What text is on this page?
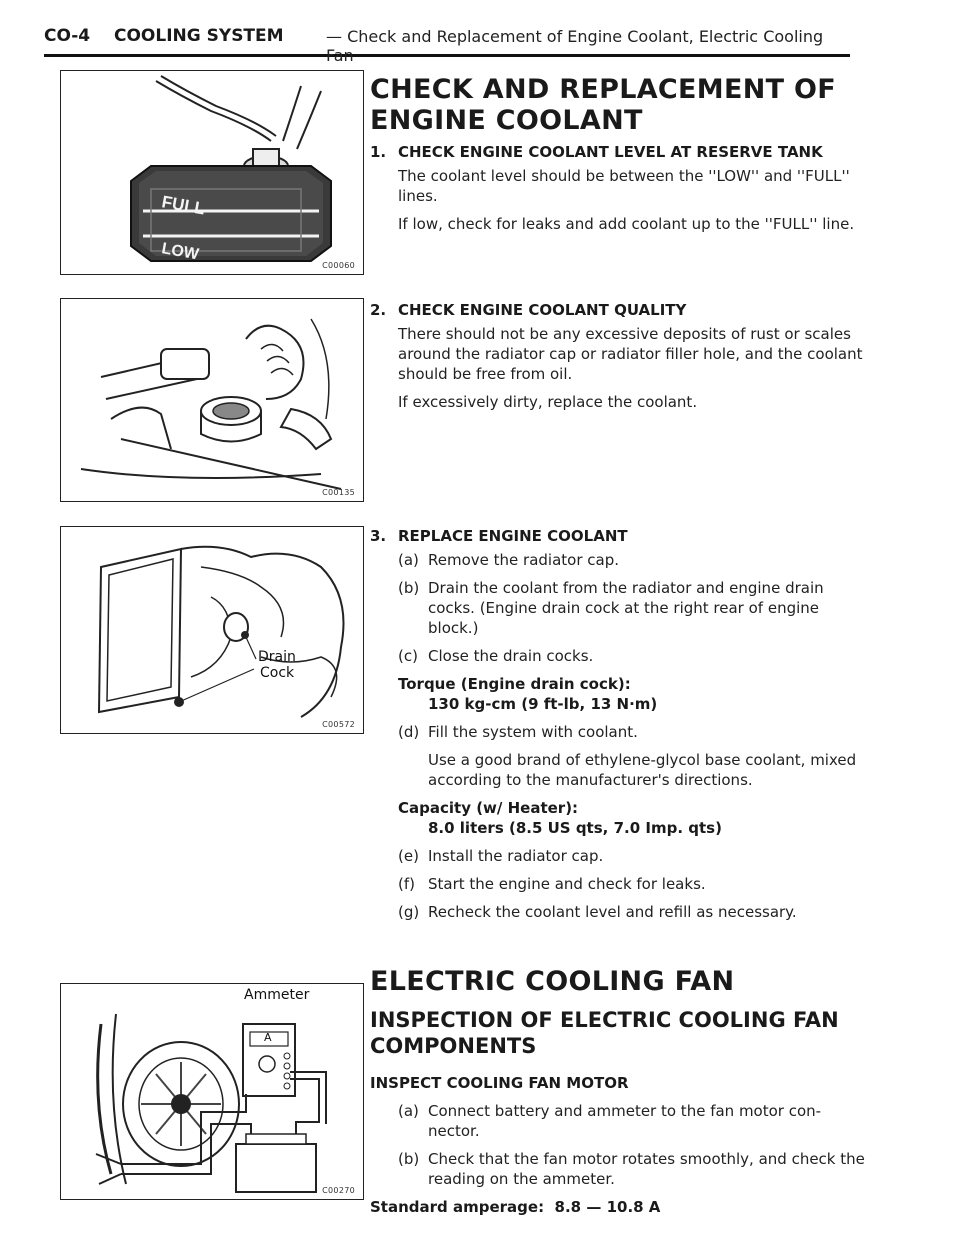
CO-4 COOLING SYSTEM	— Check and Replacement of Engine Coolant, Electric Cooling Fan
FULL
LOW
C00060
C00135
Drain
Cock
C00572
Ammeter
A
C00270
CHECK AND REPLACEMENT OF
ENGINE COOLANT

1. CHECK ENGINE COOLANT LEVEL AT RESERVE TANK

The coolant level should be between the ''LOW'' and ''FULL'' lines.

If low, check for leaks and add coolant up to the ''FULL'' line.

2. CHECK ENGINE COOLANT QUALITY

There should not be any excessive deposits of rust or scales around the radiator cap or radiator filler hole, and the coolant should be free from oil.

If excessively dirty, replace the coolant.

3. REPLACE ENGINE COOLANT

(a) Remove the radiator cap.

(b) Drain the coolant from the radiator and engine drain cocks. (Engine drain cock at the right rear of engine block.)

(c) Close the drain cocks.

Torque (Engine drain cock):

130 kg-cm (9 ft-lb, 13 N·m)

(d) Fill the system with coolant.

Use a good brand of ethylene-glycol base coolant, mixed according to the manufacturer's directions.

Capacity (w/ Heater):

8.0 liters (8.5 US qts, 7.0 Imp. qts)

(e) Install the radiator cap.

(f) Start the engine and check for leaks.

(g) Recheck the coolant level and refill as necessary.

ELECTRIC COOLING FAN
INSPECTION OF ELECTRIC COOLING FAN
COMPONENTS

INSPECT COOLING FAN MOTOR

(a) Connect battery and ammeter to the fan motor con-nector.

(b) Check that the fan motor rotates smoothly, and check the reading on the ammeter.

Standard amperage: 8.8 — 10.8 A
